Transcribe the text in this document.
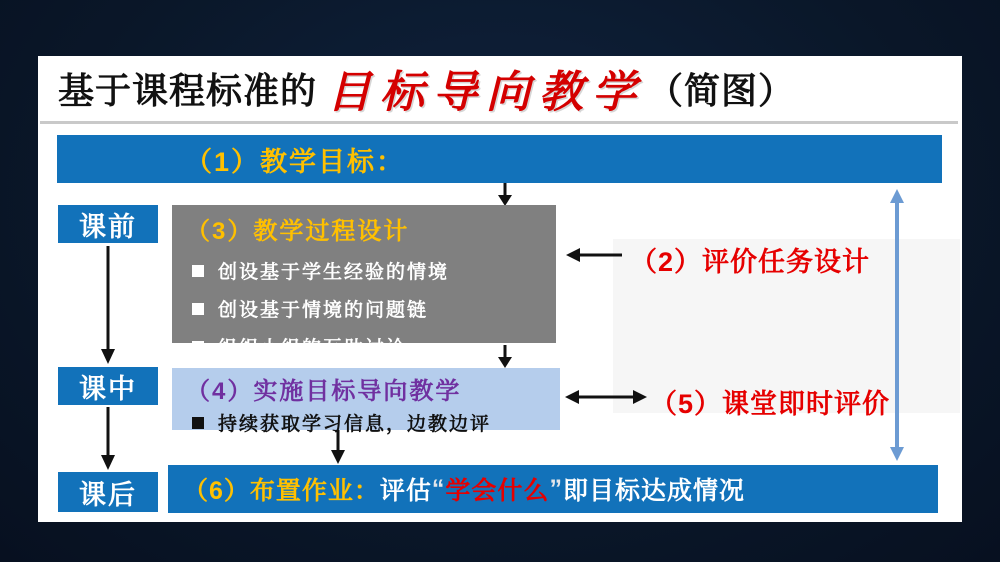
基于课程标准的 目标导向教学 （简图）
（1）教学目标：
课前 （3）教学过程设计
创设基于学生经验的情境
创设基于情境的问题链
组织小组的互助讨论
（2）评价任务设计
课中 （4）实施目标导向教学
持续获取学习信息，边教边评
（5）课堂即时评价
课后 （6）布置作业： 评估 “ 学会什么 ” 即目标达成情况
